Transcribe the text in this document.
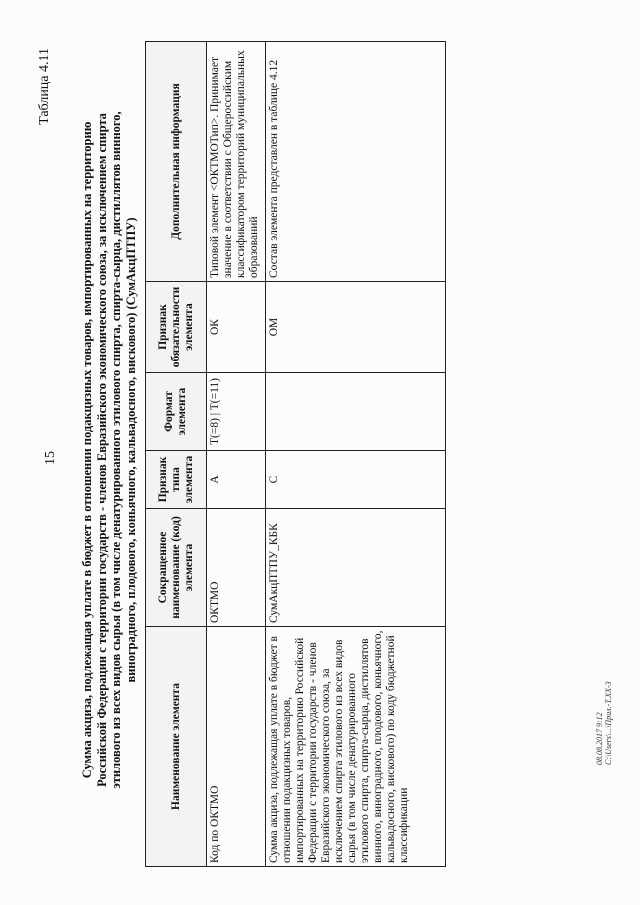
15
Таблица 4.11
Сумма акциза, подлежащая уплате в бюджет в отношении подакцизных товаров, импортированных на территорию Российской Федерации с территории государств - членов Евразийского экономического союза, за исключением спирта этилового из всех видов сырья (в том числе денатурированного этилового спирта, спирта-сырца, дистиллятов винного, виноградного, плодового, коньячного, кальвадосного, вискового) (СумАкцПТПУ)
Наименование элемента	Сокращенное наименование (код) элемента	Признак типа элемента	Формат элемента	Признак обязательности элемента	Дополнительная информация
Код по ОКТМО	ОКТМО	А	T(=8) | T(=11)	ОК	Типовой элемент <ОКТМОТип>. Принимает значение в соответствии с Общероссийским классификатором территорий муниципальных образований
Сумма акциза, подлежащая уплате в бюджет в отношении подакцизных товаров, импортированных на территорию Российской Федерации с территории государств - членов Евразийского экономического союза, за исключением спирта этилового из всех видов сырья (в том числе денатурированного этилового спирта, спирта-сырца, дистиллятов винного, виноградного, плодового, коньячного, кальвадосного, вискового) по коду бюджетной классификации	СумАкцПТПУ_КБК	С		ОМ	Состав элемента представлен в таблице 4.12
08.08.2017 9:12 C:\Users\...\Прил.-Т.ХХ-3
